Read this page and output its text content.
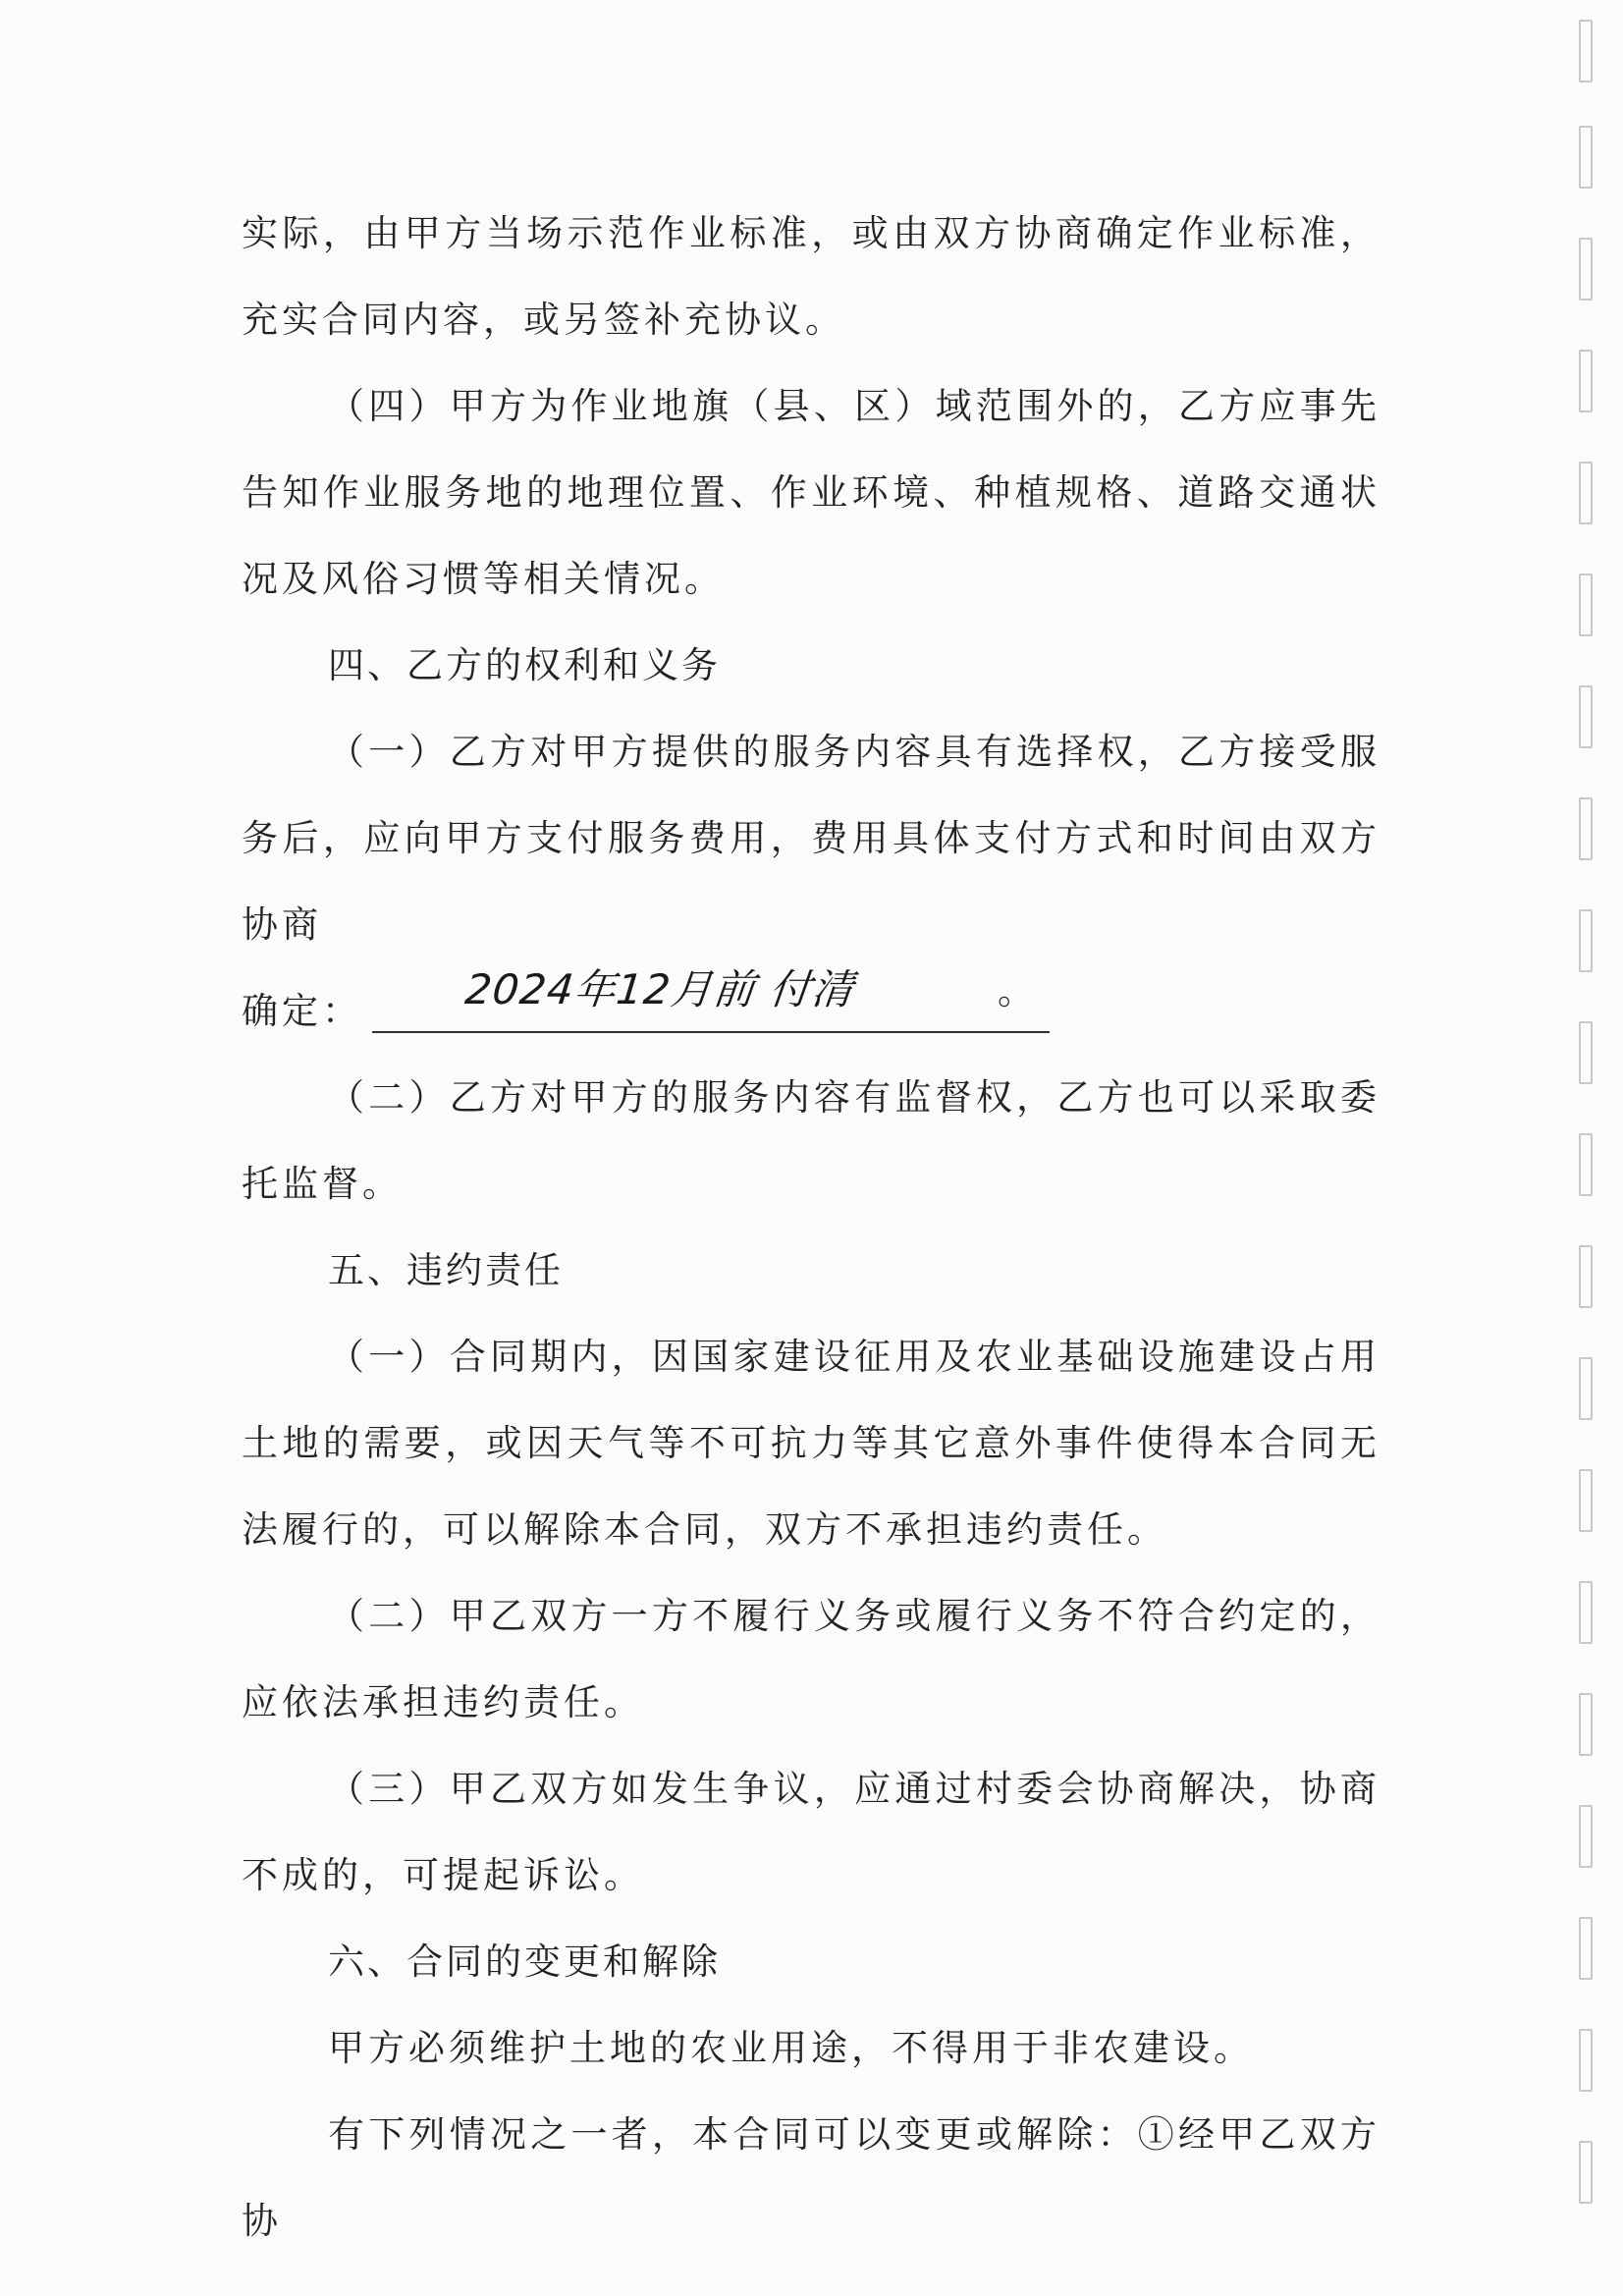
实际，由甲方当场示范作业标准，或由双方协商确定作业标准，充实合同内容，或另签补充协议。

（四）甲方为作业地旗（县、区）域范围外的，乙方应事先告知作业服务地的地理位置、作业环境、种植规格、道路交通状况及风俗习惯等相关情况。

四、乙方的权利和义务

（一）乙方对甲方提供的服务内容具有选择权，乙方接受服务后，应向甲方支付服务费用，费用具体支付方式和时间由双方协商

确定： 2024年12月前 付清	。

（二）乙方对甲方的服务内容有监督权，乙方也可以采取委托监督。

五、违约责任

（一）合同期内，因国家建设征用及农业基础设施建设占用土地的需要，或因天气等不可抗力等其它意外事件使得本合同无法履行的，可以解除本合同，双方不承担违约责任。

（二）甲乙双方一方不履行义务或履行义务不符合约定的，应依法承担违约责任。

（三）甲乙双方如发生争议，应通过村委会协商解决，协商不成的，可提起诉讼。

六、合同的变更和解除

甲方必须维护土地的农业用途，不得用于非农建设。

有下列情况之一者，本合同可以变更或解除：①经甲乙双方协
